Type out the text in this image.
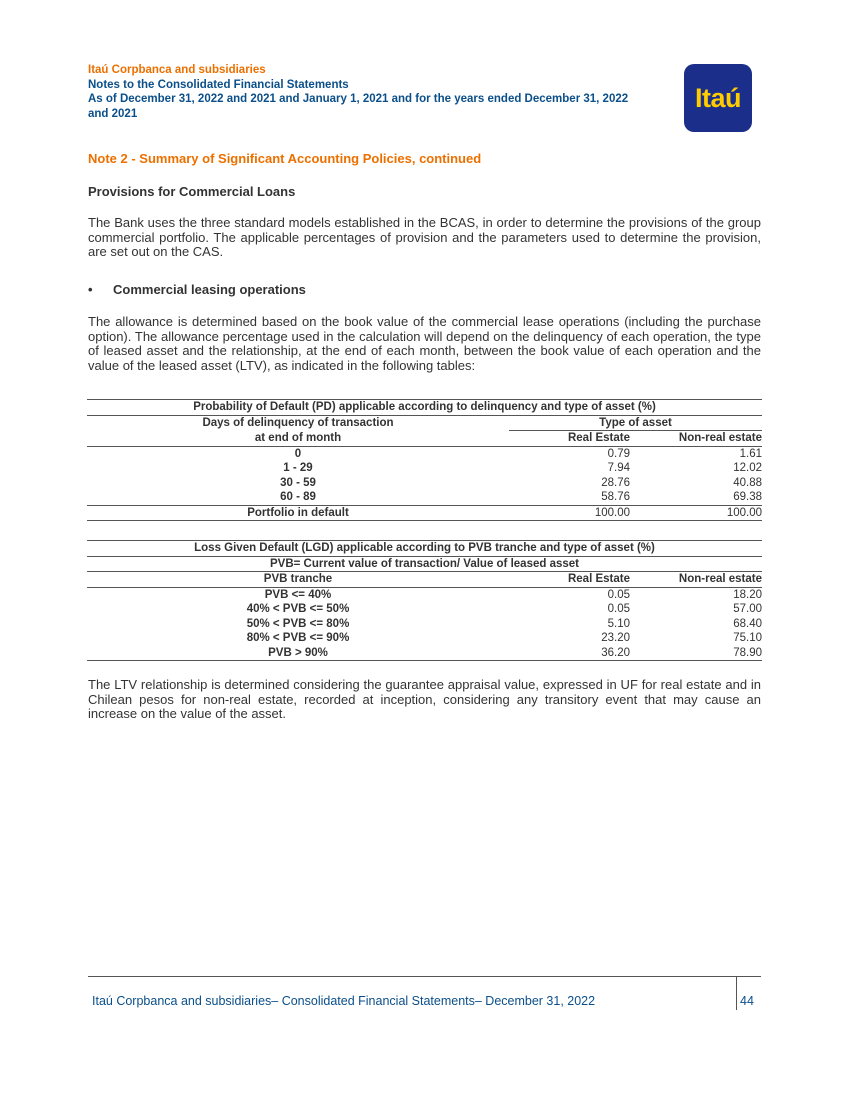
Itaú Corpbanca and subsidiaries
Notes to the Consolidated Financial Statements
As of December 31, 2022 and 2021 and January 1, 2021 and for the years ended December 31, 2022
and 2021
Itaú
Note 2 - Summary of Significant Accounting Policies, continued
Provisions for Commercial Loans
The Bank uses the three standard models established in the BCAS, in order to determine the provisions of the group commercial portfolio. The applicable percentages of provision and the parameters used to determine the provision, are set out on the CAS.
• Commercial leasing operations
The allowance is determined based on the book value of the commercial lease operations (including the purchase option). The allowance percentage used in the calculation will depend on the delinquency of each operation, the type of leased asset and the relationship, at the end of each month, between the book value of each operation and the value of the leased asset (LTV), as indicated in the following tables:
Probability of Default (PD) applicable according to delinquency and type of asset (%)		
Days of delinquency of transaction	Type of asset	
at end of month	Real Estate	Non-real estate
0	0.79	1.61
1 - 29	7.94	12.02
30 - 59	28.76	40.88
60 - 89	58.76	69.38
Portfolio in default	100.00	100.00
Loss Given Default (LGD) applicable according to PVB tranche and type of asset (%)		
PVB= Current value of transaction/ Value of leased asset		
PVB tranche	Real Estate	Non-real estate
PVB <= 40%	0.05	18.20
40% < PVB <= 50%	0.05	57.00
50% < PVB <= 80%	5.10	68.40
80% < PVB <= 90%	23.20	75.10
PVB > 90%	36.20	78.90
The LTV relationship is determined considering the guarantee appraisal value, expressed in UF for real estate and in Chilean pesos for non-real estate, recorded at inception, considering any transitory event that may cause an increase on the value of the asset.
Itaú Corpbanca and subsidiaries– Consolidated Financial Statements– December 31, 2022	44
